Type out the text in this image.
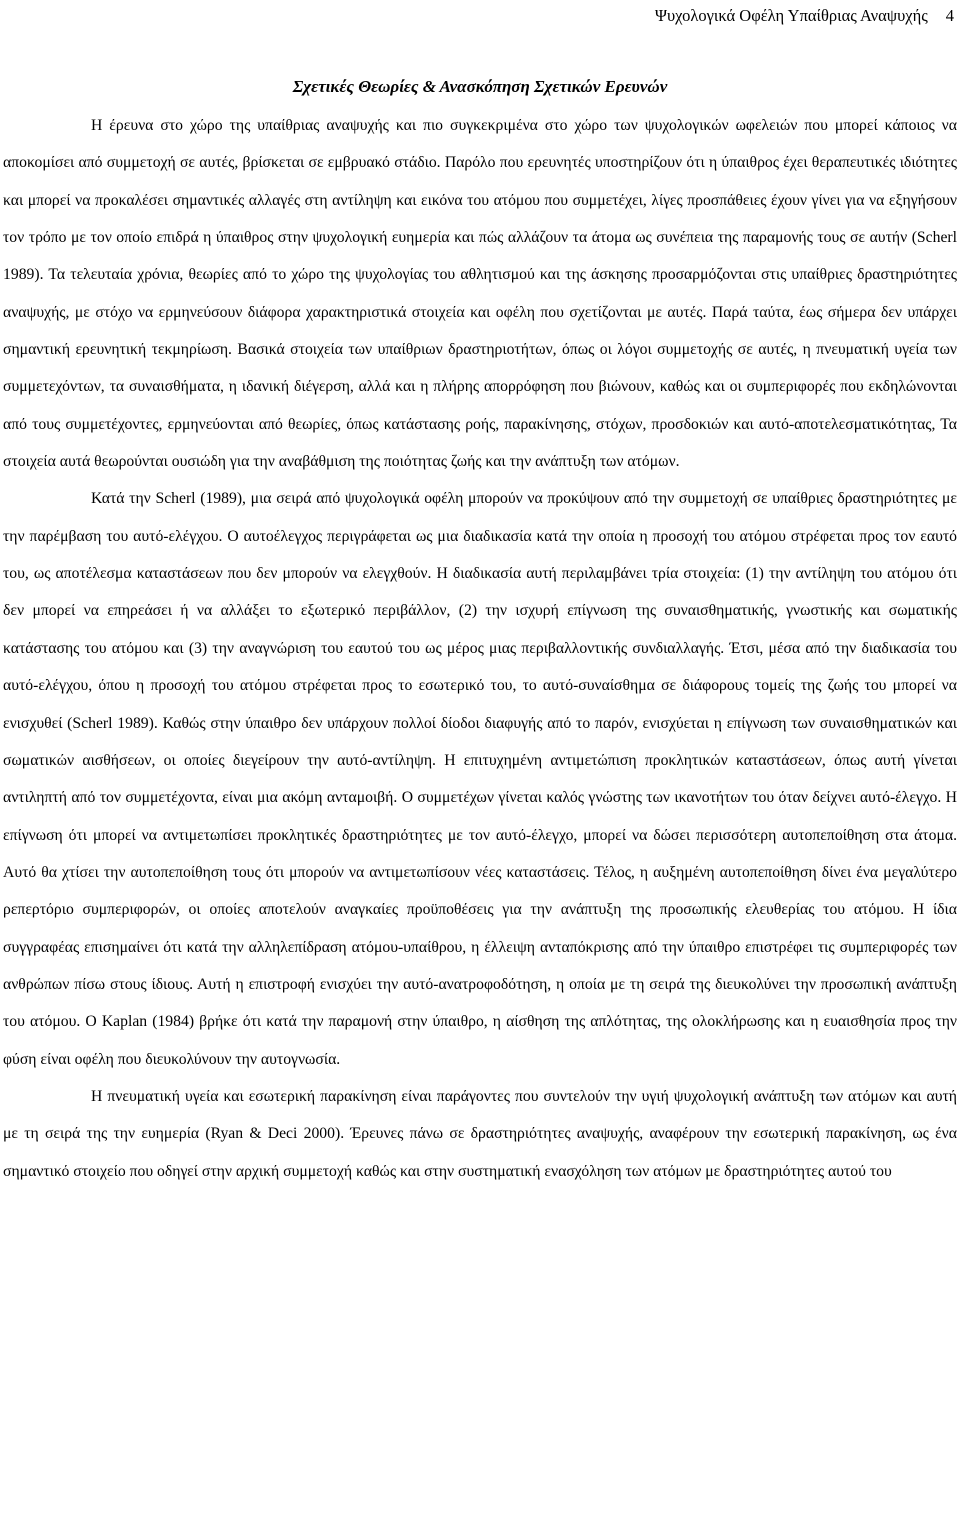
Ψυχολογικά Οφέλη Υπαίθριας Αναψυχής 4
Σχετικές Θεωρίες & Ανασκόπηση Σχετικών Ερευνών

Η έρευνα στο χώρο της υπαίθριας αναψυχής και πιο συγκεκριμένα στο χώρο των ψυχολογικών ωφελειών που μπορεί κάποιος να αποκομίσει από συμμετοχή σε αυτές, βρίσκεται σε εμβρυακό στάδιο. Παρόλο που ερευνητές υποστηρίζουν ότι η ύπαιθρος έχει θεραπευτικές ιδιότητες και μπορεί να προκαλέσει σημαντικές αλλαγές στη αντίληψη και εικόνα του ατόμου που συμμετέχει, λίγες προσπάθειες έχουν γίνει για να εξηγήσουν τον τρόπο με τον οποίο επιδρά η ύπαιθρος στην ψυχολογική ευημερία και πώς αλλάζουν τα άτομα ως συνέπεια της παραμονής τους σε αυτήν (Scherl 1989). Τα τελευταία χρόνια, θεωρίες από το χώρο της ψυχολογίας του αθλητισμού και της άσκησης προσαρμόζονται στις υπαίθριες δραστηριότητες αναψυχής, με στόχο να ερμηνεύσουν διάφορα χαρακτηριστικά στοιχεία και οφέλη που σχετίζονται με αυτές. Παρά ταύτα, έως σήμερα δεν υπάρχει σημαντική ερευνητική τεκμηρίωση. Βασικά στοιχεία των υπαίθριων δραστηριοτήτων, όπως οι λόγοι συμμετοχής σε αυτές, η πνευματική υγεία των συμμετεχόντων, τα συναισθήματα, η ιδανική διέγερση, αλλά και η πλήρης απορρόφηση που βιώνουν, καθώς και οι συμπεριφορές που εκδηλώνονται από τους συμμετέχοντες, ερμηνεύονται από θεωρίες, όπως κατάστασης ροής, παρακίνησης, στόχων, προσδοκιών και αυτό-αποτελεσματικότητας, Τα στοιχεία αυτά θεωρούνται ουσιώδη για την αναβάθμιση της ποιότητας ζωής και την ανάπτυξη των ατόμων.

Κατά την Scherl (1989), μια σειρά από ψυχολογικά οφέλη μπορούν να προκύψουν από την συμμετοχή σε υπαίθριες δραστηριότητες με την παρέμβαση του αυτό-ελέγχου. Ο αυτοέλεγχος περιγράφεται ως μια διαδικασία κατά την οποία η προσοχή του ατόμου στρέφεται προς τον εαυτό του, ως αποτέλεσμα καταστάσεων που δεν μπορούν να ελεγχθούν. Η διαδικασία αυτή περιλαμβάνει τρία στοιχεία: (1) την αντίληψη του ατόμου ότι δεν μπορεί να επηρεάσει ή να αλλάξει το εξωτερικό περιβάλλον, (2) την ισχυρή επίγνωση της συναισθηματικής, γνωστικής και σωματικής κατάστασης του ατόμου και (3) την αναγνώριση του εαυτού του ως μέρος μιας περιβαλλοντικής συνδιαλλαγής. Έτσι, μέσα από την διαδικασία του αυτό-ελέγχου, όπου η προσοχή του ατόμου στρέφεται προς το εσωτερικό του, το αυτό-συναίσθημα σε διάφορους τομείς της ζωής του μπορεί να ενισχυθεί (Scherl 1989). Καθώς στην ύπαιθρο δεν υπάρχουν πολλοί δίοδοι διαφυγής από το παρόν, ενισχύεται η επίγνωση των συναισθηματικών και σωματικών αισθήσεων, οι οποίες διεγείρουν την αυτό-αντίληψη. Η επιτυχημένη αντιμετώπιση προκλητικών καταστάσεων, όπως αυτή γίνεται αντιληπτή από τον συμμετέχοντα, είναι μια ακόμη ανταμοιβή. Ο συμμετέχων γίνεται καλός γνώστης των ικανοτήτων του όταν δείχνει αυτό-έλεγχο. Η επίγνωση ότι μπορεί να αντιμετωπίσει προκλητικές δραστηριότητες με τον αυτό-έλεγχο, μπορεί να δώσει περισσότερη αυτοπεποίθηση στα άτομα. Αυτό θα χτίσει την αυτοπεποίθηση τους ότι μπορούν να αντιμετωπίσουν νέες καταστάσεις. Τέλος, η αυξημένη αυτοπεποίθηση δίνει ένα μεγαλύτερο ρεπερτόριο συμπεριφορών, οι οποίες αποτελούν αναγκαίες προϋποθέσεις για την ανάπτυξη της προσωπικής ελευθερίας του ατόμου. Η ίδια συγγραφέας επισημαίνει ότι κατά την αλληλεπίδραση ατόμου-υπαίθρου, η έλλειψη ανταπόκρισης από την ύπαιθρο επιστρέφει τις συμπεριφορές των ανθρώπων πίσω στους ίδιους. Αυτή η επιστροφή ενισχύει την αυτό-ανατροφοδότηση, η οποία με τη σειρά της διευκολύνει την προσωπική ανάπτυξη του ατόμου. Ο Kaplan (1984) βρήκε ότι κατά την παραμονή στην ύπαιθρο, η αίσθηση της απλότητας, της ολοκλήρωσης και η ευαισθησία προς την φύση είναι οφέλη που διευκολύνουν την αυτογνωσία.

Η πνευματική υγεία και εσωτερική παρακίνηση είναι παράγοντες που συντελούν την υγιή ψυχολογική ανάπτυξη των ατόμων και αυτή με τη σειρά της την ευημερία (Ryan & Deci 2000). Έρευνες πάνω σε δραστηριότητες αναψυχής, αναφέρουν την εσωτερική παρακίνηση, ως ένα σημαντικό στοιχείο που οδηγεί στην αρχική συμμετοχή καθώς και στην συστηματική ενασχόληση των ατόμων με δραστηριότητες αυτού του
